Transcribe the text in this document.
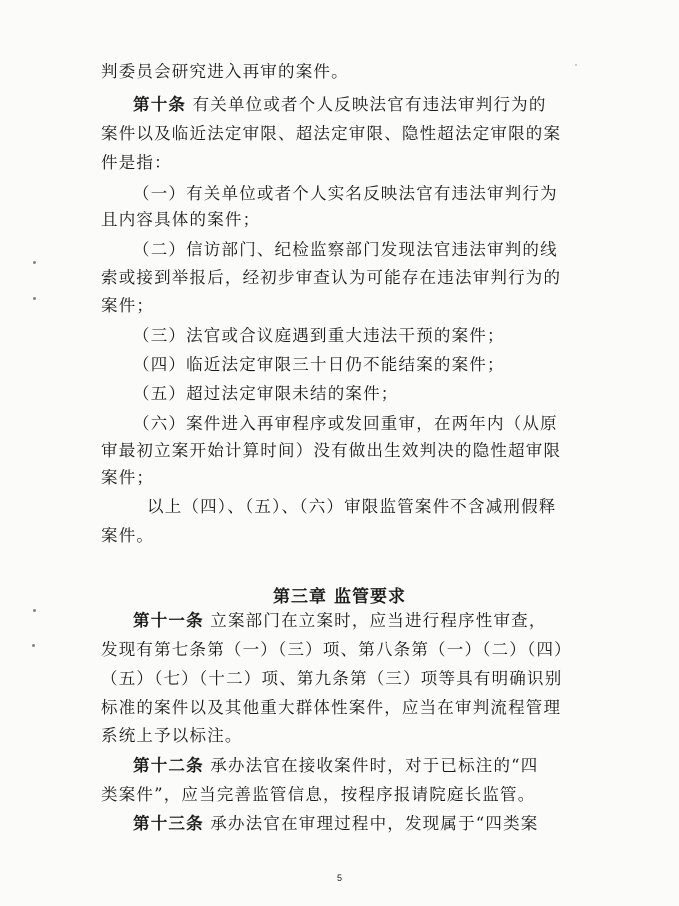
判委员会研究进入再审的案件。
第十条 有关单位或者个人反映法官有违法审判行为的
案件以及临近法定审限、超法定审限、隐性超法定审限的案
件是指：
（一）有关单位或者个人实名反映法官有违法审判行为
且内容具体的案件；
（二）信访部门、纪检监察部门发现法官违法审判的线
索或接到举报后，经初步审查认为可能存在违法审判行为的
案件；
（三）法官或合议庭遇到重大违法干预的案件；
（四）临近法定审限三十日仍不能结案的案件；
（五）超过法定审限未结的案件；
（六）案件进入再审程序或发回重审，在两年内（从原
审最初立案开始计算时间）没有做出生效判决的隐性超审限
案件；
以上（四）、（五）、（六）审限监管案件不含减刑假释
案件。
第三章 监管要求
第十一条 立案部门在立案时，应当进行程序性审查，
发现有第七条第（一）（三）项、第八条第（一）（二）（四）
（五）（七）（十二）项、第九条第（三）项等具有明确识别
标准的案件以及其他重大群体性案件，应当在审判流程管理
系统上予以标注。
第十二条 承办法官在接收案件时，对于已标注的“四
类案件”，应当完善监管信息，按程序报请院庭长监管。
第十三条 承办法官在审理过程中，发现属于“四类案
5
